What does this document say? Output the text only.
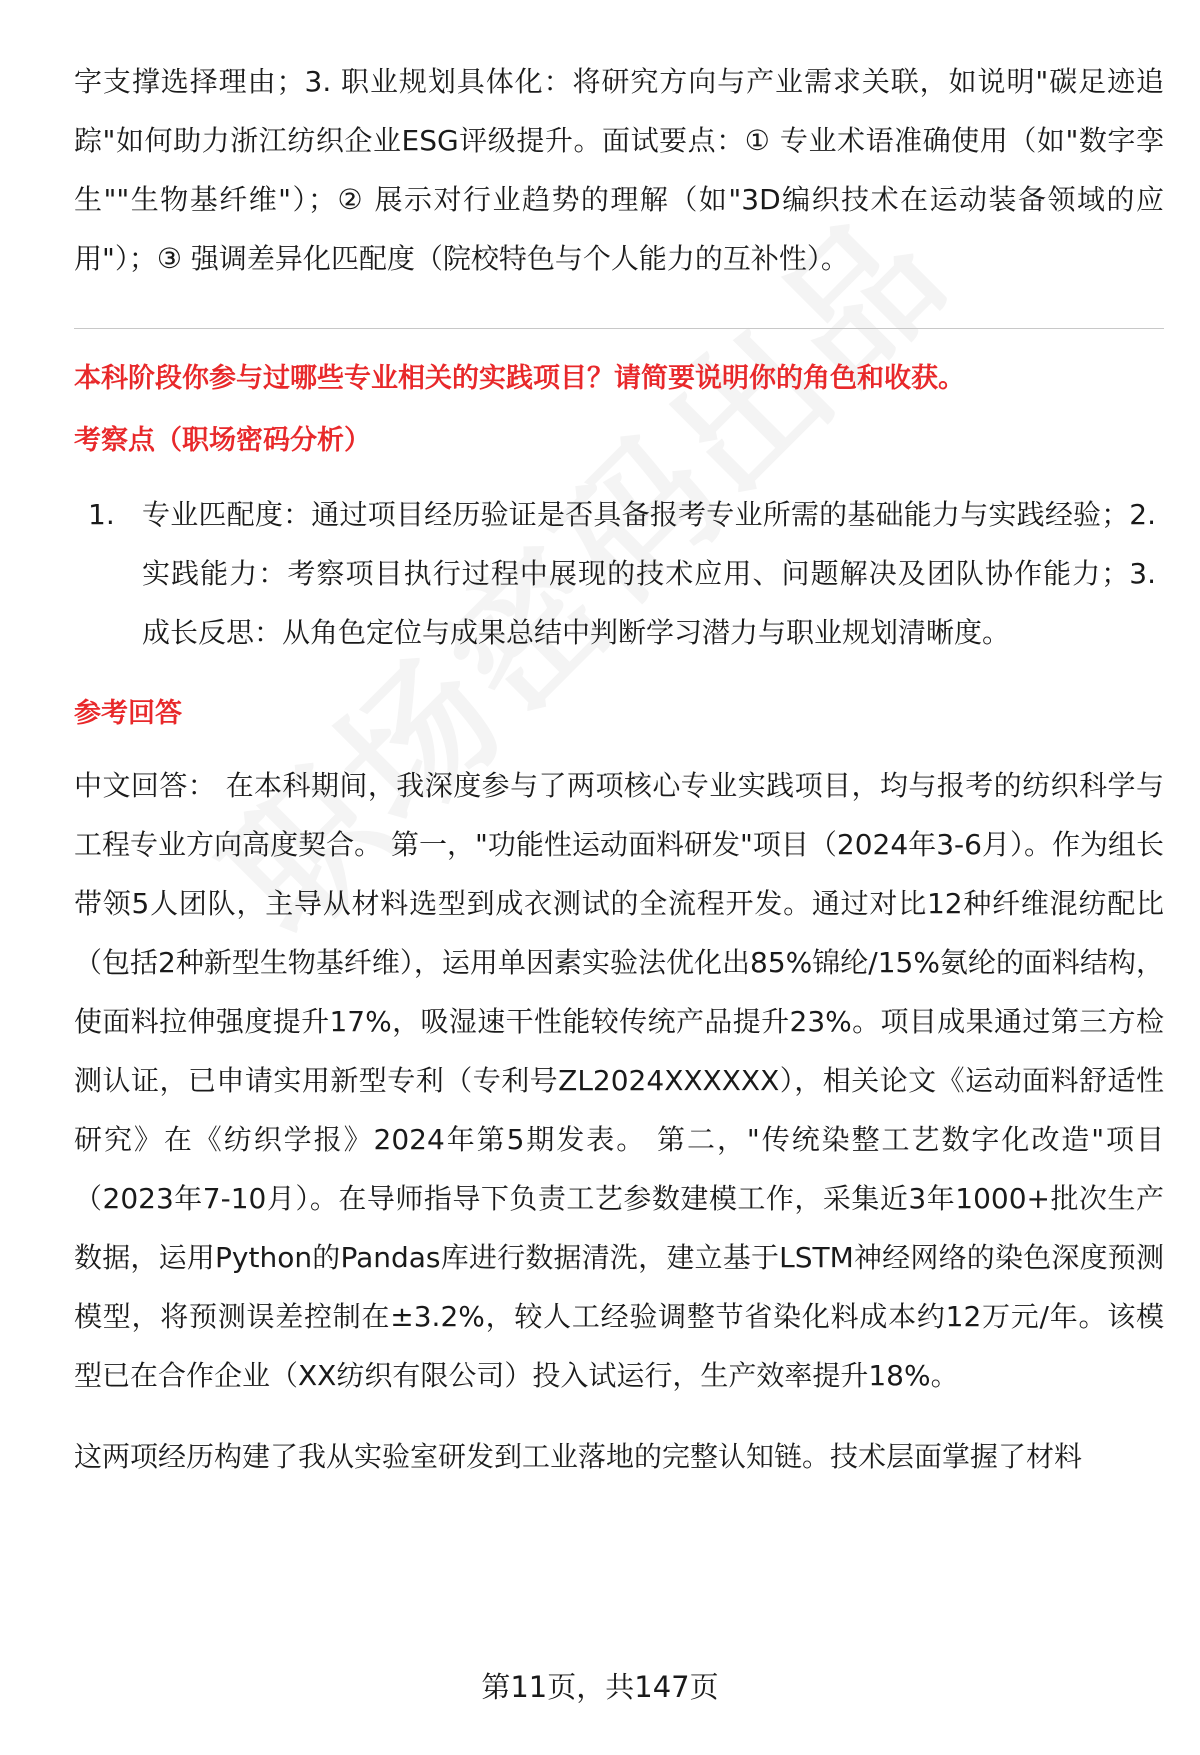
字支撑选择理由；3. 职业规划具体化：将研究方向与产业需求关联，如说明"碳足迹追踪"如何助力浙江纺织企业ESG评级提升。面试要点：① 专业术语准确使用（如"数字孪生""生物基纤维"）；② 展示对行业趋势的理解（如"3D编织技术在运动装备领域的应用"）；③ 强调差异化匹配度（院校特色与个人能力的互补性）。

本科阶段你参与过哪些专业相关的实践项目？请简要说明你的角色和收获。

考察点（职场密码分析）

1. 专业匹配度：通过项目经历验证是否具备报考专业所需的基础能力与实践经验；2. 实践能力：考察项目执行过程中展现的技术应用、问题解决及团队协作能力；3. 成长反思：从角色定位与成果总结中判断学习潜力与职业规划清晰度。

参考回答

中文回答： 在本科期间，我深度参与了两项核心专业实践项目，均与报考的纺织科学与工程专业方向高度契合。 第一，"功能性运动面料研发"项目（2024年3-6月）。作为组长带领5人团队，主导从材料选型到成衣测试的全流程开发。通过对比12种纤维混纺配比（包括2种新型生物基纤维），运用单因素实验法优化出85%锦纶/15%氨纶的面料结构，使面料拉伸强度提升17%，吸湿速干性能较传统产品提升23%。项目成果通过第三方检测认证，已申请实用新型专利（专利号ZL2024XXXXXX），相关论文《运动面料舒适性研究》在《纺织学报》2024年第5期发表。 第二，"传统染整工艺数字化改造"项目（2023年7-10月）。在导师指导下负责工艺参数建模工作，采集近3年1000+批次生产数据，运用Python的Pandas库进行数据清洗，建立基于LSTM神经网络的染色深度预测模型，将预测误差控制在±3.2%，较人工经验调整节省染化料成本约12万元/年。该模型已在合作企业（XX纺织有限公司）投入试运行，生产效率提升18%。

这两项经历构建了我从实验室研发到工业落地的完整认知链。技术层面掌握了材料

第11页，共147页
